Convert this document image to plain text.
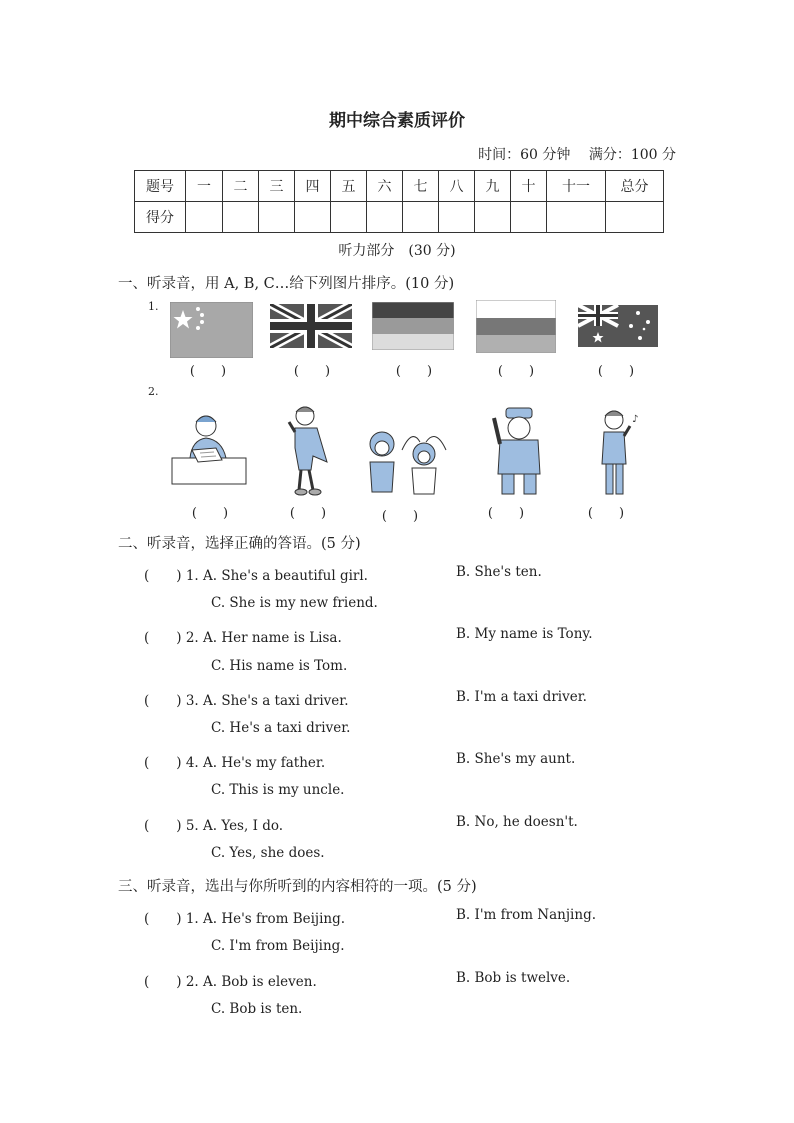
期中综合素质评价
时间：60 分钟 满分：100 分
题号	一	二	三	四	五	六	七	八	九	十	十一	总分
得分												
听力部分　(30 分)
一、听录音，用 A, B, C…给下列图片排序。(10 分)
1.
(　　)	(　　)	(　　)	(　　)	(　　)
2.
♪
(　　)	(　　)	(　　)	(　　)	(　　)
二、听录音，选择正确的答语。(5 分)
(　　) 1. A. She's a beautiful girl.	B. She's ten.
C. She is my new friend.
(　　) 2. A. Her name is Lisa.	B. My name is Tony.
C. His name is Tom.
(　　) 3. A. She's a taxi driver.	B. I'm a taxi driver.
C. He's a taxi driver.
(　　) 4. A. He's my father.	B. She's my aunt.
C. This is my uncle.
(　　) 5. A. Yes, I do.	B. No, he doesn't.
C. Yes, she does.
三、听录音，选出与你所听到的内容相符的一项。(5 分)
(　　) 1. A. He's from Beijing.	B. I'm from Nanjing.
C. I'm from Beijing.
(　　) 2. A. Bob is eleven.	B. Bob is twelve.
C. Bob is ten.
